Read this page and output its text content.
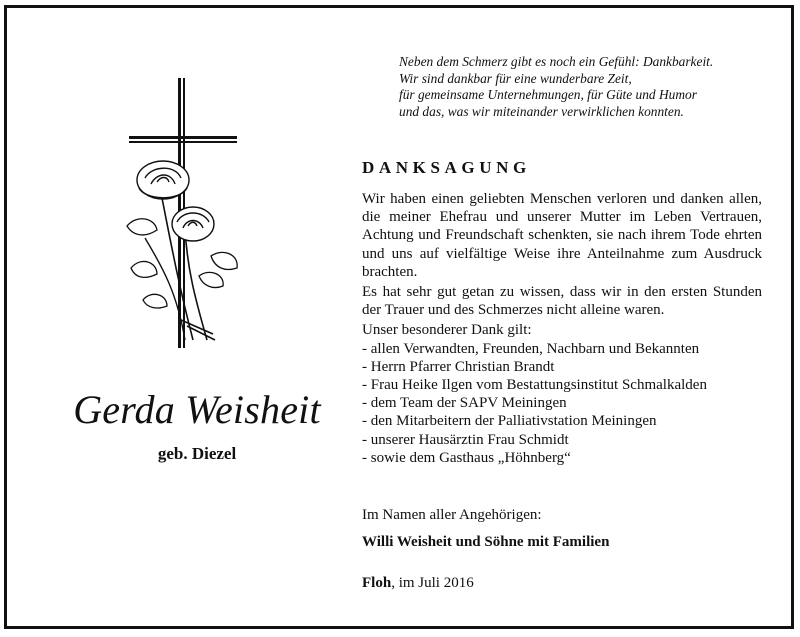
Neben dem Schmerz gibt es noch ein Gefühl: Dankbarkeit.
Wir sind dankbar für eine wunderbare Zeit,
für gemeinsame Unternehmungen, für Güte und Humor
und das, was wir miteinander verwirklichen konnten.
Gerda Weisheit
geb. Diezel
DANKSAGUNG

Wir haben einen geliebten Menschen verloren und danken allen, die meiner Ehefrau und unserer Mutter im Leben Vertrauen, Achtung und Freundschaft schenkten, sie nach ihrem Tode ehrten und uns auf vielfältige Weise ihre Anteilnahme zum Ausdruck brachten.

Es hat sehr gut getan zu wissen, dass wir in den ersten Stunden der Trauer und des Schmerzes nicht alleine waren.

Unser besonderer Dank gilt:

- allen Verwandten, Freunden, Nachbarn und Bekannten
- Herrn Pfarrer Christian Brandt
- Frau Heike Ilgen vom Bestattungsinstitut Schmalkalden
- dem Team der SAPV Meiningen
- den Mitarbeitern der Palliativstation Meiningen
- unserer Hausärztin Frau Schmidt
- sowie dem Gasthaus „Höhnberg“
Im Namen aller Angehörigen:
Willi Weisheit und Söhne mit Familien
Floh, im Juli 2016
